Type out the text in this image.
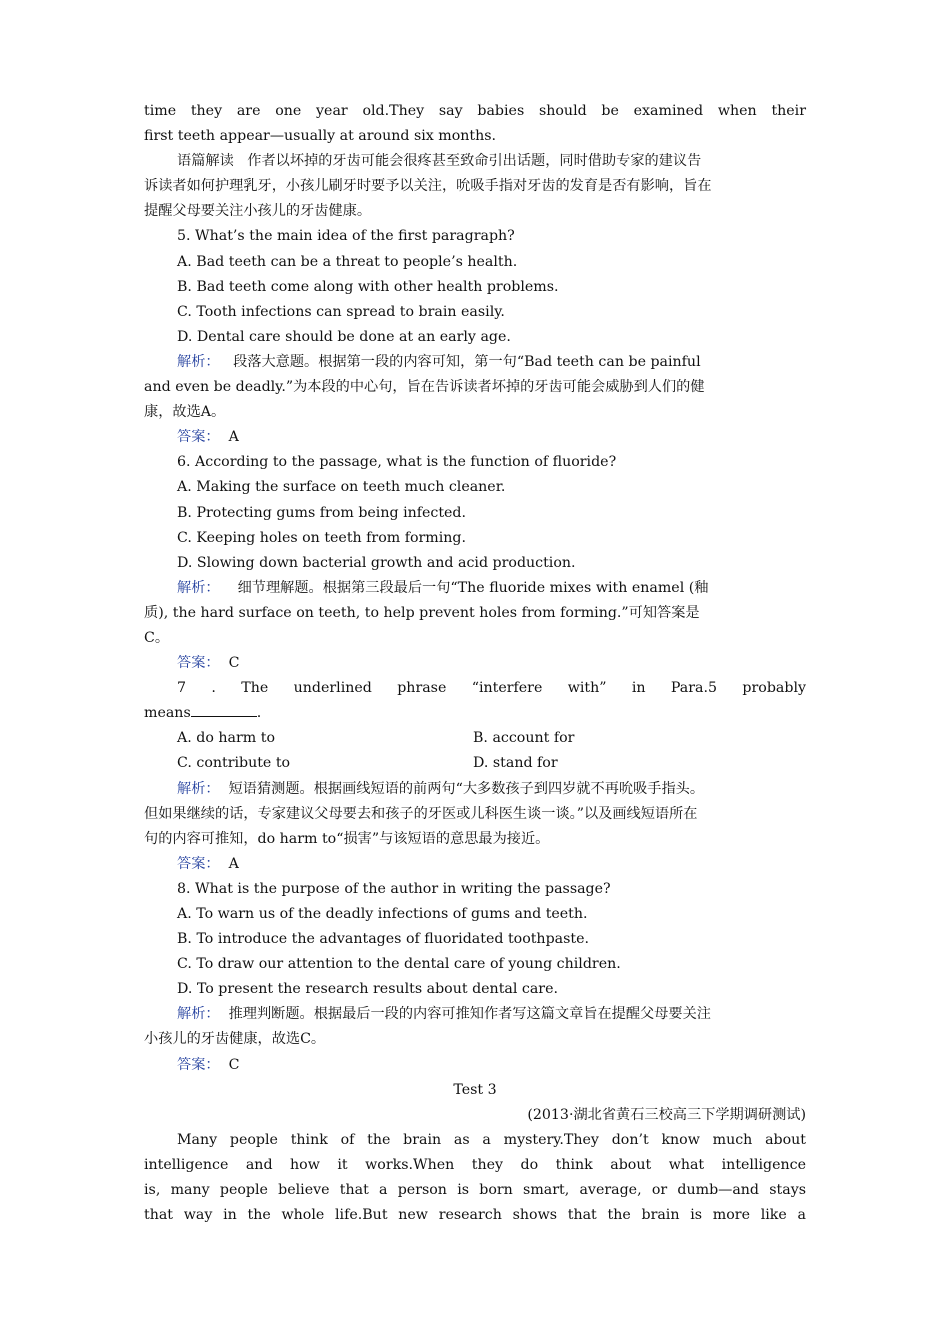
time they are one year old.They say babies should be examined when their
first teeth appear—usually at around six months.
语篇解读   作者以坏掉的牙齿可能会很疼甚至致命引出话题，同时借助专家的建议告
诉读者如何护理乳牙，小孩儿刷牙时要予以关注，吮吸手指对牙齿的发育是否有影响，旨在
提醒父母要关注小孩儿的牙齿健康。
5. What’s the main idea of the first paragraph?
A. Bad teeth can be a threat to people’s health.
B. Bad teeth come along with other health problems.
C. Tooth infections can spread to brain easily.
D. Dental care should be done at an early age.
解析：   段落大意题。根据第一段的内容可知，第一句“Bad teeth can be painful
and even be deadly.”为本段的中心句，旨在告诉读者坏掉的牙齿可能会威胁到人们的健
康，故选A。
答案：  A
6. According to the passage, what is the function of fluoride?
A. Making the surface on teeth much cleaner.
B. Protecting gums from being infected.
C. Keeping holes on teeth from forming.
D. Slowing down bacterial growth and acid production.
解析：    细节理解题。根据第三段最后一句“The fluoride mixes with enamel (釉
质), the hard surface on teeth, to help prevent holes from forming.”可知答案是
C。
答案：  C
7 . The underlined phrase “interfere with” in Para.5 probably
means	.
A. do harm to	B. account for
C. contribute to	D. stand for
解析：  短语猜测题。根据画线短语的前两句“大多数孩子到四岁就不再吮吸手指头。
但如果继续的话，专家建议父母要去和孩子的牙医或儿科医生谈一谈。”以及画线短语所在
句的内容可推知，do harm to“损害”与该短语的意思最为接近。
答案：  A
8. What is the purpose of the author in writing the passage?
A. To warn us of the deadly infections of gums and teeth.
B. To introduce the advantages of fluoridated toothpaste.
C. To draw our attention to the dental care of young children.
D. To present the research results about dental care.
解析：  推理判断题。根据最后一段的内容可推知作者写这篇文章旨在提醒父母要关注
小孩儿的牙齿健康，故选C。
答案：  C
Test 3
(2013·湖北省黄石三校高三下学期调研测试)
Many people think of the brain as a mystery.They don’t know much about
intelligence and how it works.When they do think about what intelligence
is, many people believe that a person is born smart, average, or dumb—and stays
that way in the whole life.But new research shows that the brain is more like a
